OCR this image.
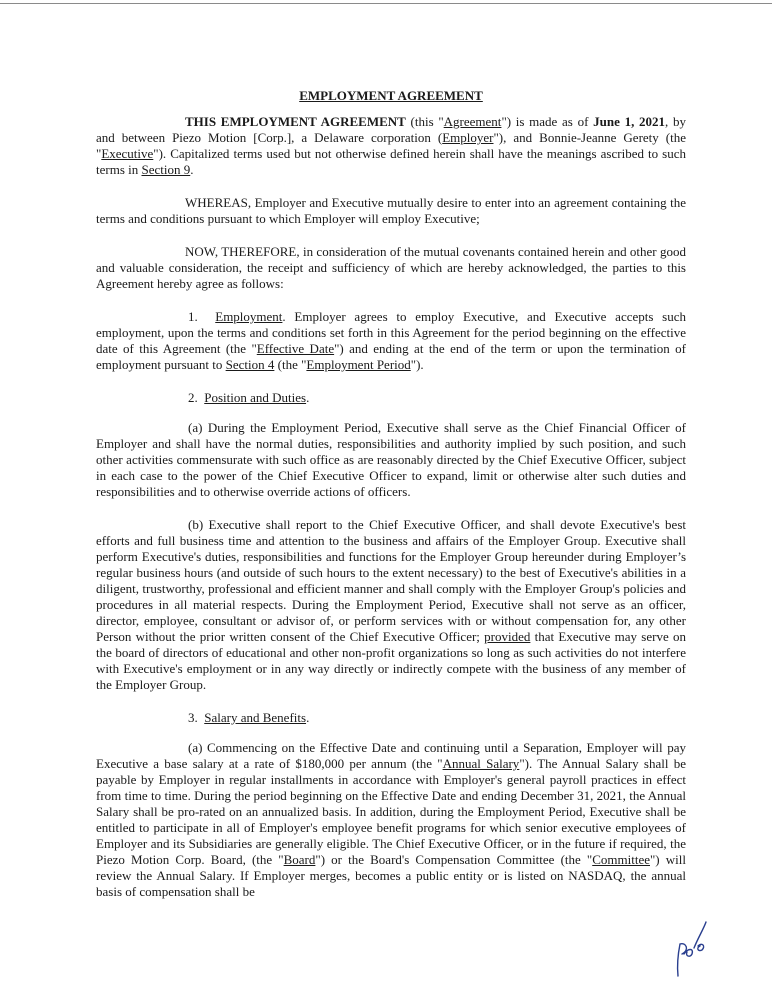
EMPLOYMENT AGREEMENT

THIS EMPLOYMENT AGREEMENT (this "Agreement") is made as of June 1, 2021, by and between Piezo Motion [Corp.], a Delaware corporation (Employer"), and Bonnie-Jeanne Gerety (the "Executive"). Capitalized terms used but not otherwise defined herein shall have the meanings ascribed to such terms in Section 9.

WHEREAS, Employer and Executive mutually desire to enter into an agreement containing the terms and conditions pursuant to which Employer will employ Executive;

NOW, THEREFORE, in consideration of the mutual covenants contained herein and other good and valuable consideration, the receipt and sufficiency of which are hereby acknowledged, the parties to this Agreement hereby agree as follows:

1. Employment. Employer agrees to employ Executive, and Executive accepts such employment, upon the terms and conditions set forth in this Agreement for the period beginning on the effective date of this Agreement (the "Effective Date") and ending at the end of the term or upon the termination of employment pursuant to Section 4 (the "Employment Period").

2. Position and Duties.

(a) During the Employment Period, Executive shall serve as the Chief Financial Officer of Employer and shall have the normal duties, responsibilities and authority implied by such position, and such other activities commensurate with such office as are reasonably directed by the Chief Executive Officer, subject in each case to the power of the Chief Executive Officer to expand, limit or otherwise alter such duties and responsibilities and to otherwise override actions of officers.

(b) Executive shall report to the Chief Executive Officer, and shall devote Executive's best efforts and full business time and attention to the business and affairs of the Employer Group. Executive shall perform Executive's duties, responsibilities and functions for the Employer Group hereunder during Employer’s regular business hours (and outside of such hours to the extent necessary) to the best of Executive's abilities in a diligent, trustworthy, professional and efficient manner and shall comply with the Employer Group's policies and procedures in all material respects. During the Employment Period, Executive shall not serve as an officer, director, employee, consultant or advisor of, or perform services with or without compensation for, any other Person without the prior written consent of the Chief Executive Officer; provided that Executive may serve on the board of directors of educational and other non-profit organizations so long as such activities do not interfere with Executive's employment or in any way directly or indirectly compete with the business of any member of the Employer Group.

3. Salary and Benefits.

(a) Commencing on the Effective Date and continuing until a Separation, Employer will pay Executive a base salary at a rate of $180,000 per annum (the "Annual Salary"). The Annual Salary shall be payable by Employer in regular installments in accordance with Employer's general payroll practices in effect from time to time. During the period beginning on the Effective Date and ending December 31, 2021, the Annual Salary shall be pro-rated on an annualized basis. In addition, during the Employment Period, Executive shall be entitled to participate in all of Employer's employee benefit programs for which senior executive employees of Employer and its Subsidiaries are generally eligible. The Chief Executive Officer, or in the future if required, the Piezo Motion Corp. Board, (the "Board") or the Board's Compensation Committee (the "Committee") will review the Annual Salary. If Employer merges, becomes a public entity or is listed on NASDAQ, the annual basis of compensation shall be
